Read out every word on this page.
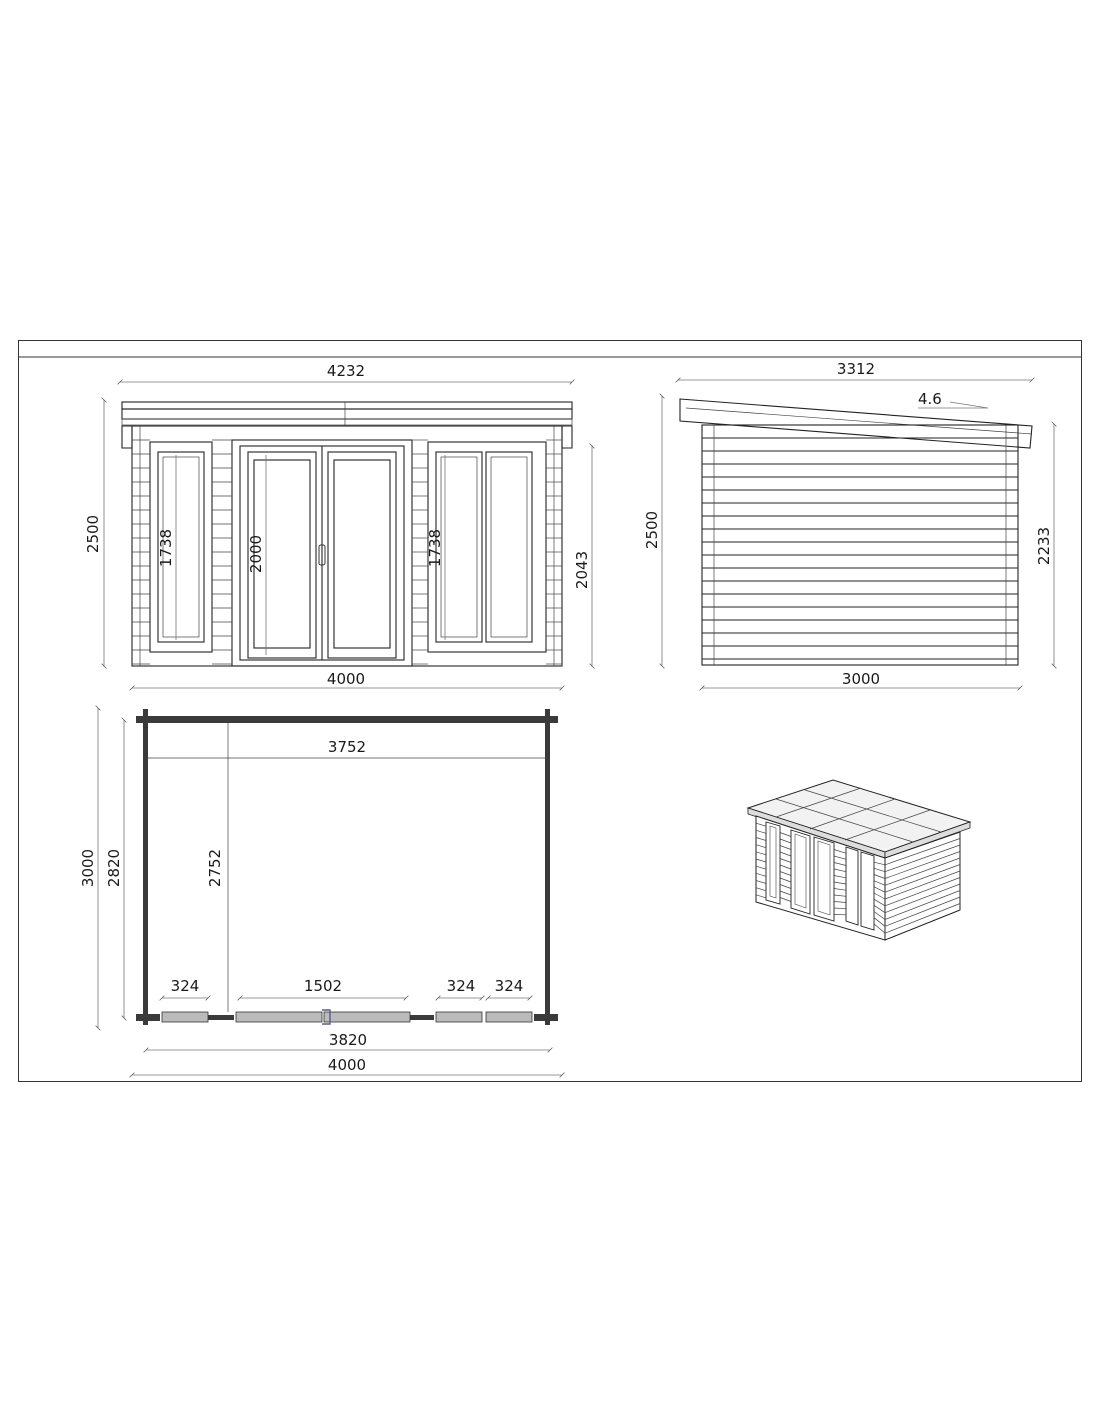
4232
2500	1738	2000	1738
2043
4000
3312
4.6
2500	2233
3000
3752
2752
3000 2820
324	1502	324 324
3820
4000
